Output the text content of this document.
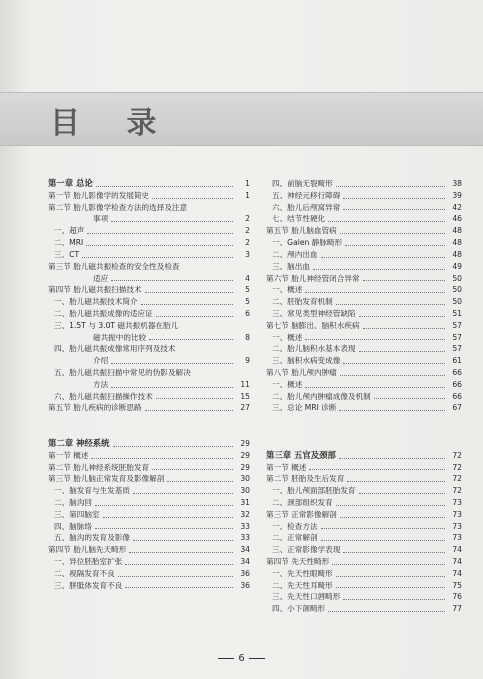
目 录
第一章 总论	1
第一节 胎儿影像学的发展简史	1
第二节 胎儿影像学检查方法的选择及注意
事项	2
一、超声	2
二、MRI	2
三、CT	3
第三节 胎儿磁共振检查的安全性及检查
适应	4
第四节 胎儿磁共振扫描技术	5
一、胎儿磁共振技术简介	5
二、胎儿磁共振成像的适应证	6
三、1.5T 与 3.0T 磁共振机器在胎儿
磁共振中的比较	8
四、胎儿磁共振成像常用序列及技术
介绍	9
五、胎儿磁共振扫描中常见的伪影及解决
方法	11
六、胎儿磁共振扫描操作技术	15
第五节 胎儿疾病的诊断思路	27
第二章 神经系统	29
第一节 概述	29
第二节 胎儿神经系统胚胎发育	29
第三节 胎儿脑正常发育及影像解剖	30
一、脑发育与生发基质	30
二、脑沟回	31
三、第四脑室	32
四、脑脉络	33
五、脑沟的发育及影像	33
第四节 胎儿脑先天畸形	34
一、异位胚胎室扩张	34
二、视隔发育不良	36
三、胼胝体发育不良	36
四、前脑无裂畸形	38
五、神经元移行障碍	39
六、胎儿后颅窝异常	42
七、结节性硬化	46
第五节 胎儿脑血管病	48
一、Galen 静脉畸形	48
二、颅内出血	48
三、脑出血	49
第六节 胎儿神经管闭合异常	50
一、概述	50
二、胚胎发育机制	50
三、常见类型神经管缺陷	51
第七节 脑膨出、脑积水疾病	57
一、概述	57
二、胎儿脑积水基本表现	57
三、脑积水病变成像	61
第八节 胎儿颅内肿瘤	66
一、概述	66
二、胎儿颅内肿瘤成像及机制	66
三、总论 MRI 诊断	67
第三章 五官及颈部	72
第一节 概述	72
第二节 胚胎及生后发育	72
一、胎儿颅面部胚胎发育	72
二、颈部组织发育	73
第三节 正常影像解剖	73
一、检查方法	73
二、正常解剖	73
三、正常影像学表现	74
第四节 先天性畸形	74
一、先天性眼畸形	74
二、先天性耳畸形	75
三、先天性口唇畸形	76
四、小下颌畸形	77
6
